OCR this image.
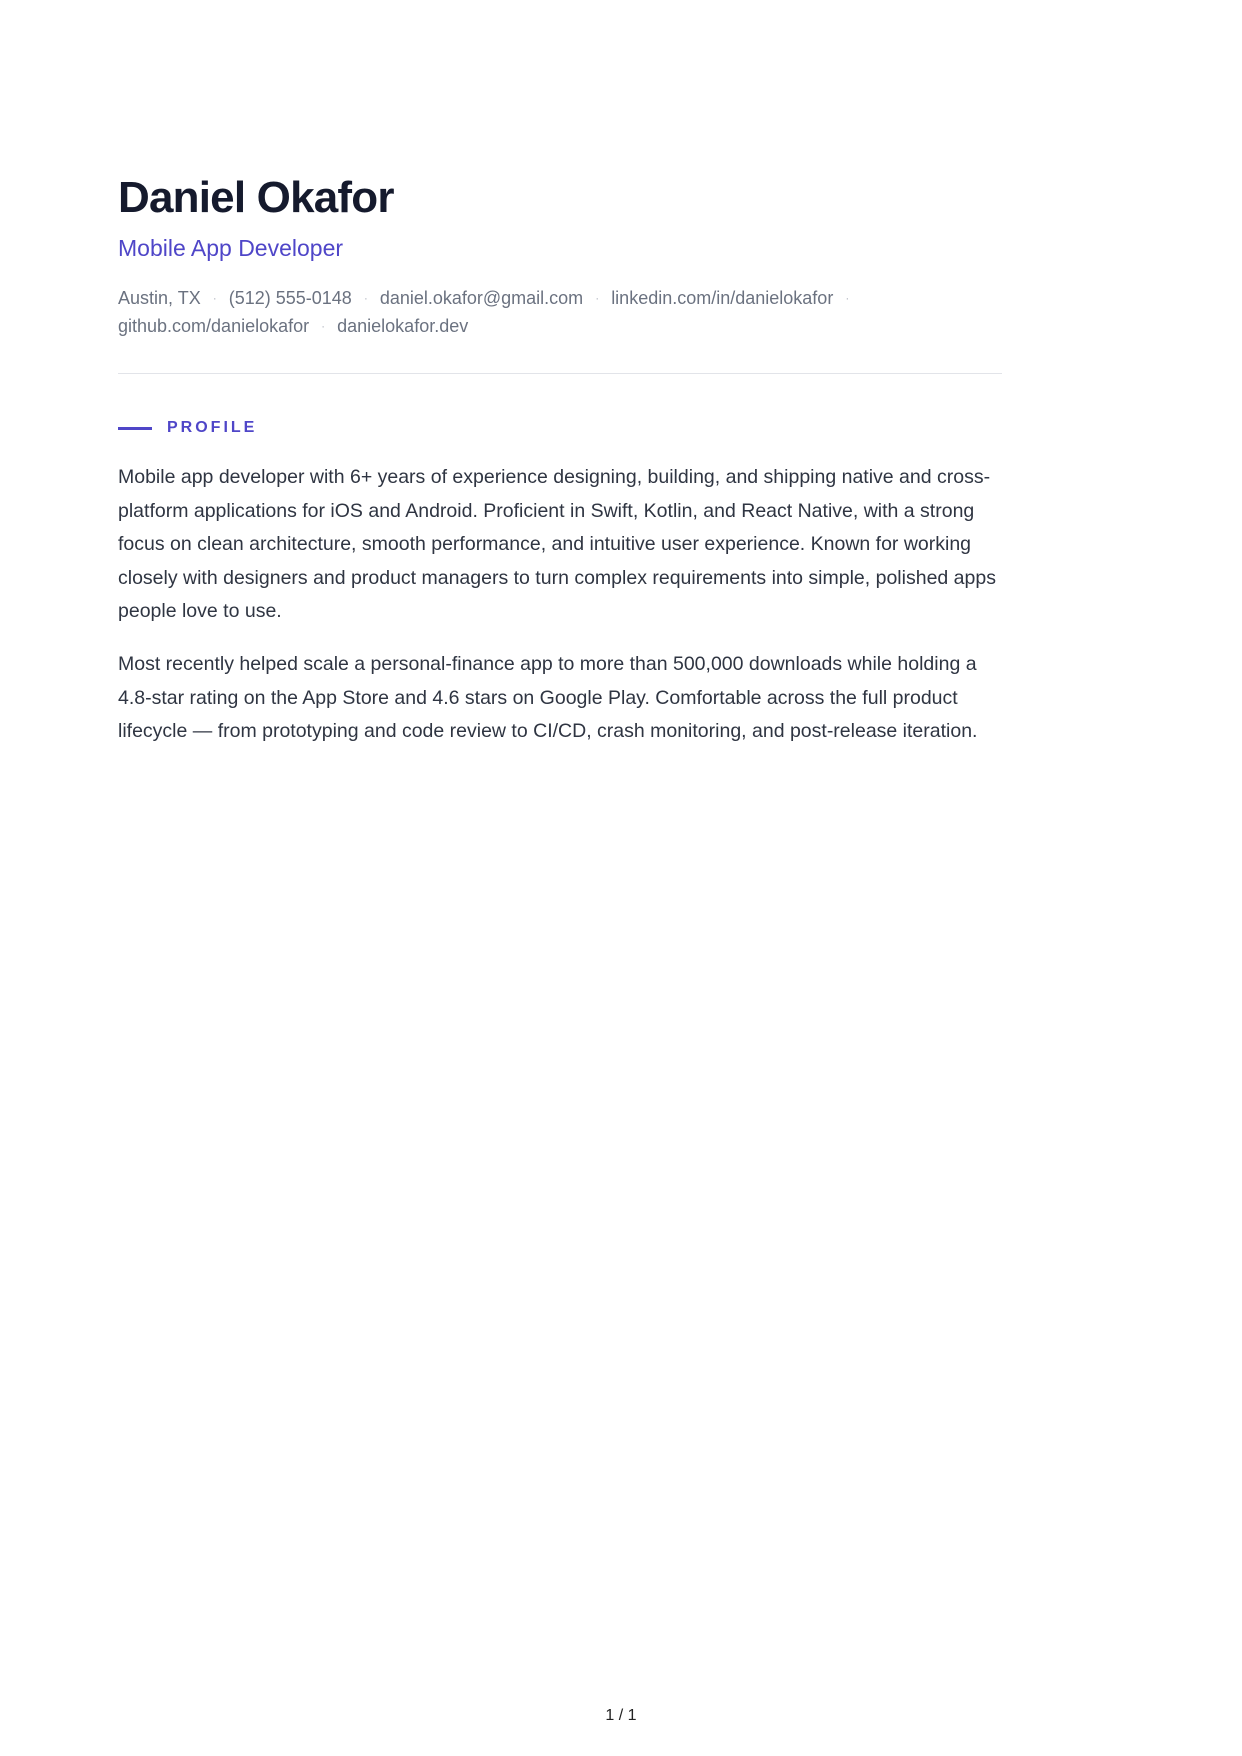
Daniel Okafor
Mobile App Developer
Austin, TX · (512) 555-0148 · daniel.okafor@gmail.com · linkedin.com/in/danielokafor · github.com/danielokafor · danielokafor.dev
PROFILE

Mobile app developer with 6+ years of experience designing, building, and shipping native and cross-platform applications for iOS and Android. Proficient in Swift, Kotlin, and React Native, with a strong focus on clean architecture, smooth performance, and intuitive user experience. Known for working closely with designers and product managers to turn complex requirements into simple, polished apps people love to use.

Most recently helped scale a personal-finance app to more than 500,000 downloads while holding a 4.8-star rating on the App Store and 4.6 stars on Google Play. Comfortable across the full product lifecycle — from prototyping and code review to CI/CD, crash monitoring, and post-release iteration.

1 / 1
